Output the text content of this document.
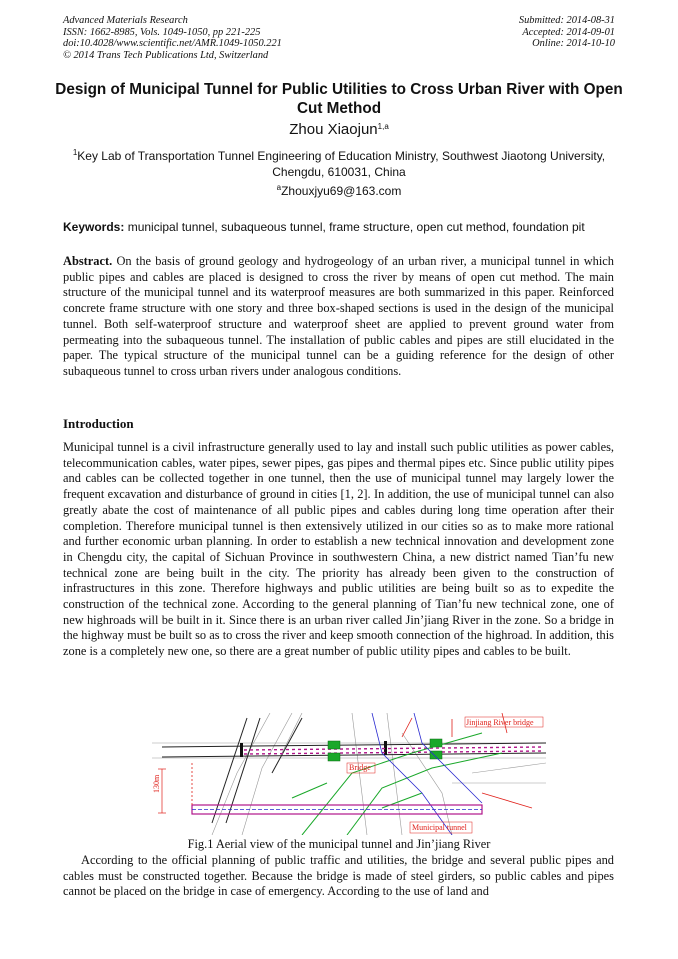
Advanced Materials Research
ISSN: 1662-8985, Vols. 1049-1050, pp 221-225
doi:10.4028/www.scientific.net/AMR.1049-1050.221
© 2014 Trans Tech Publications Ltd, Switzerland
Submitted: 2014-08-31
Accepted: 2014-09-01
Online: 2014-10-10
Design of Municipal Tunnel for Public Utilities to Cross Urban River with Open Cut Method
Zhou Xiaojun$^{1,a}$
$^1$Key Lab of Transportation Tunnel Engineering of Education Ministry, Southwest Jiaotong University, Chengdu, 610031, China
$^a$Zhouxjyu69@163.com
Keywords: municipal tunnel, subaqueous tunnel, frame structure, open cut method, foundation pit

Abstract. On the basis of ground geology and hydrogeology of an urban river, a municipal tunnel in which public pipes and cables are placed is designed to cross the river by means of open cut method. The main structure of the municipal tunnel and its waterproof measures are both summarized in this paper. Reinforced concrete frame structure with one story and three box-shaped sections is used in the design of the municipal tunnel. Both self-waterproof structure and waterproof sheet are applied to prevent ground water from permeating into the subaqueous tunnel. The installation of public cables and pipes are still elucidated in the paper. The typical structure of the municipal tunnel can be a guiding reference for the design of other subaqueous tunnel to cross urban rivers under analogous conditions.

Introduction

Municipal tunnel is a civil infrastructure generally used to lay and install such public utilities as power cables, telecommunication cables, water pipes, sewer pipes, gas pipes and thermal pipes etc. Since public utility pipes and cables can be collected together in one tunnel, then the use of municipal tunnel may largely lower the frequent excavation and disturbance of ground in cities [1, 2]. In addition, the use of municipal tunnel can also greatly abate the cost of maintenance of all public pipes and cables during long time operation after their completion. Therefore municipal tunnel is then extensively utilized in our cities so as to make more rational and further economic urban planning. In order to establish a new technical innovation and development zone in Chengdu city, the capital of Sichuan Province in southwestern China, a new district named Tian’fu new technical zone are being built in the city. The priority has already been given to the construction of infrastructures in this zone. Therefore highways and public utilities are being built so as to expedite the construction of the technical zone. According to the general planning of Tian’fu new technical zone, one of new highroads will be built in it. Since there is an urban river called Jin’jiang River in the zone. So a bridge in the highway must be built so as to cross the river and keep smooth connection of the highroad. In addition, this zone is a completely new one, so there are a great number of public utility pipes and cables to be built.

130m
Jinjiang River bridge
Bridge
Municipal tunnel
Fig.1 Aerial view of the municipal tunnel and Jin’jiang River

According to the official planning of public traffic and utilities, the bridge and several public pipes and cables must be constructed together. Because the bridge is made of steel girders, so public cables and pipes cannot be placed on the bridge in case of emergency. According to the use of land and
